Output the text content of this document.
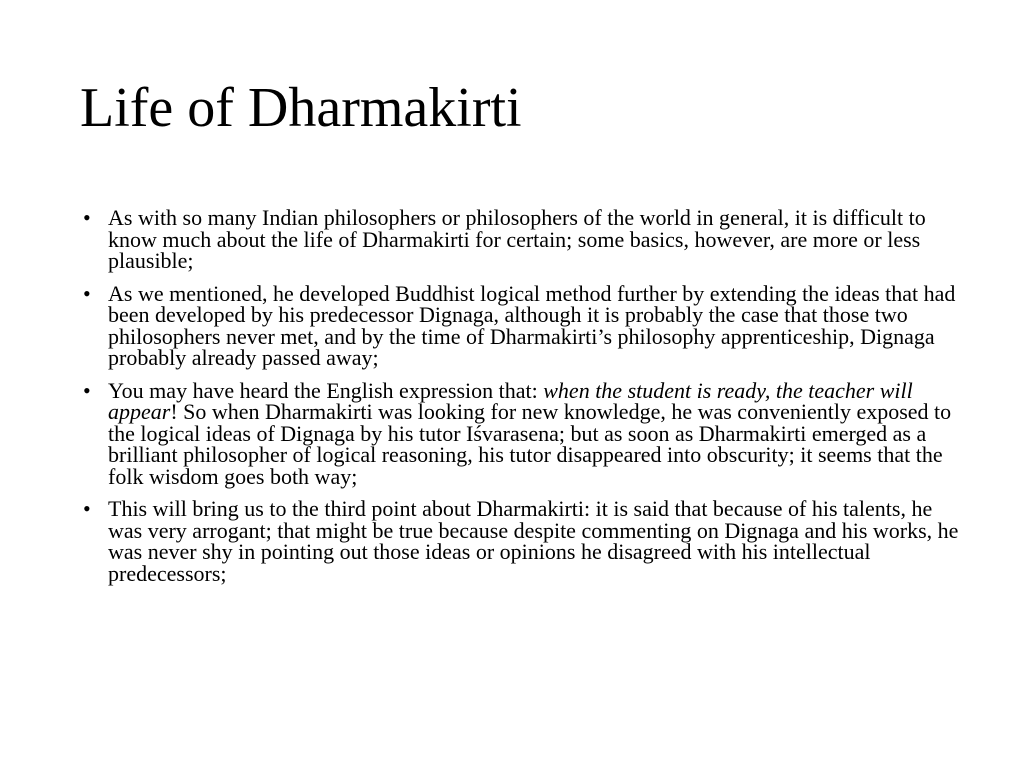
Life of Dharmakirti
• As with so many Indian philosophers or philosophers of the world in general, it is difficult to know much about the life of Dharmakirti for certain; some basics, however, are more or less plausible;
• As we mentioned, he developed Buddhist logical method further by extending the ideas that had been developed by his predecessor Dignaga, although it is probably the case that those two philosophers never met, and by the time of Dharmakirti’s philosophy apprenticeship, Dignaga probably already passed away;
• You may have heard the English expression that: when the student is ready, the teacher will appear! So when Dharmakirti was looking for new knowledge, he was conveniently exposed to the logical ideas of Dignaga by his tutor Iśvarasena; but as soon as Dharmakirti emerged as a brilliant philosopher of logical reasoning, his tutor disappeared into obscurity; it seems that the folk wisdom goes both way;
• This will bring us to the third point about Dharmakirti: it is said that because of his talents, he was very arrogant; that might be true because despite commenting on Dignaga and his works, he was never shy in pointing out those ideas or opinions he disagreed with his intellectual predecessors;
